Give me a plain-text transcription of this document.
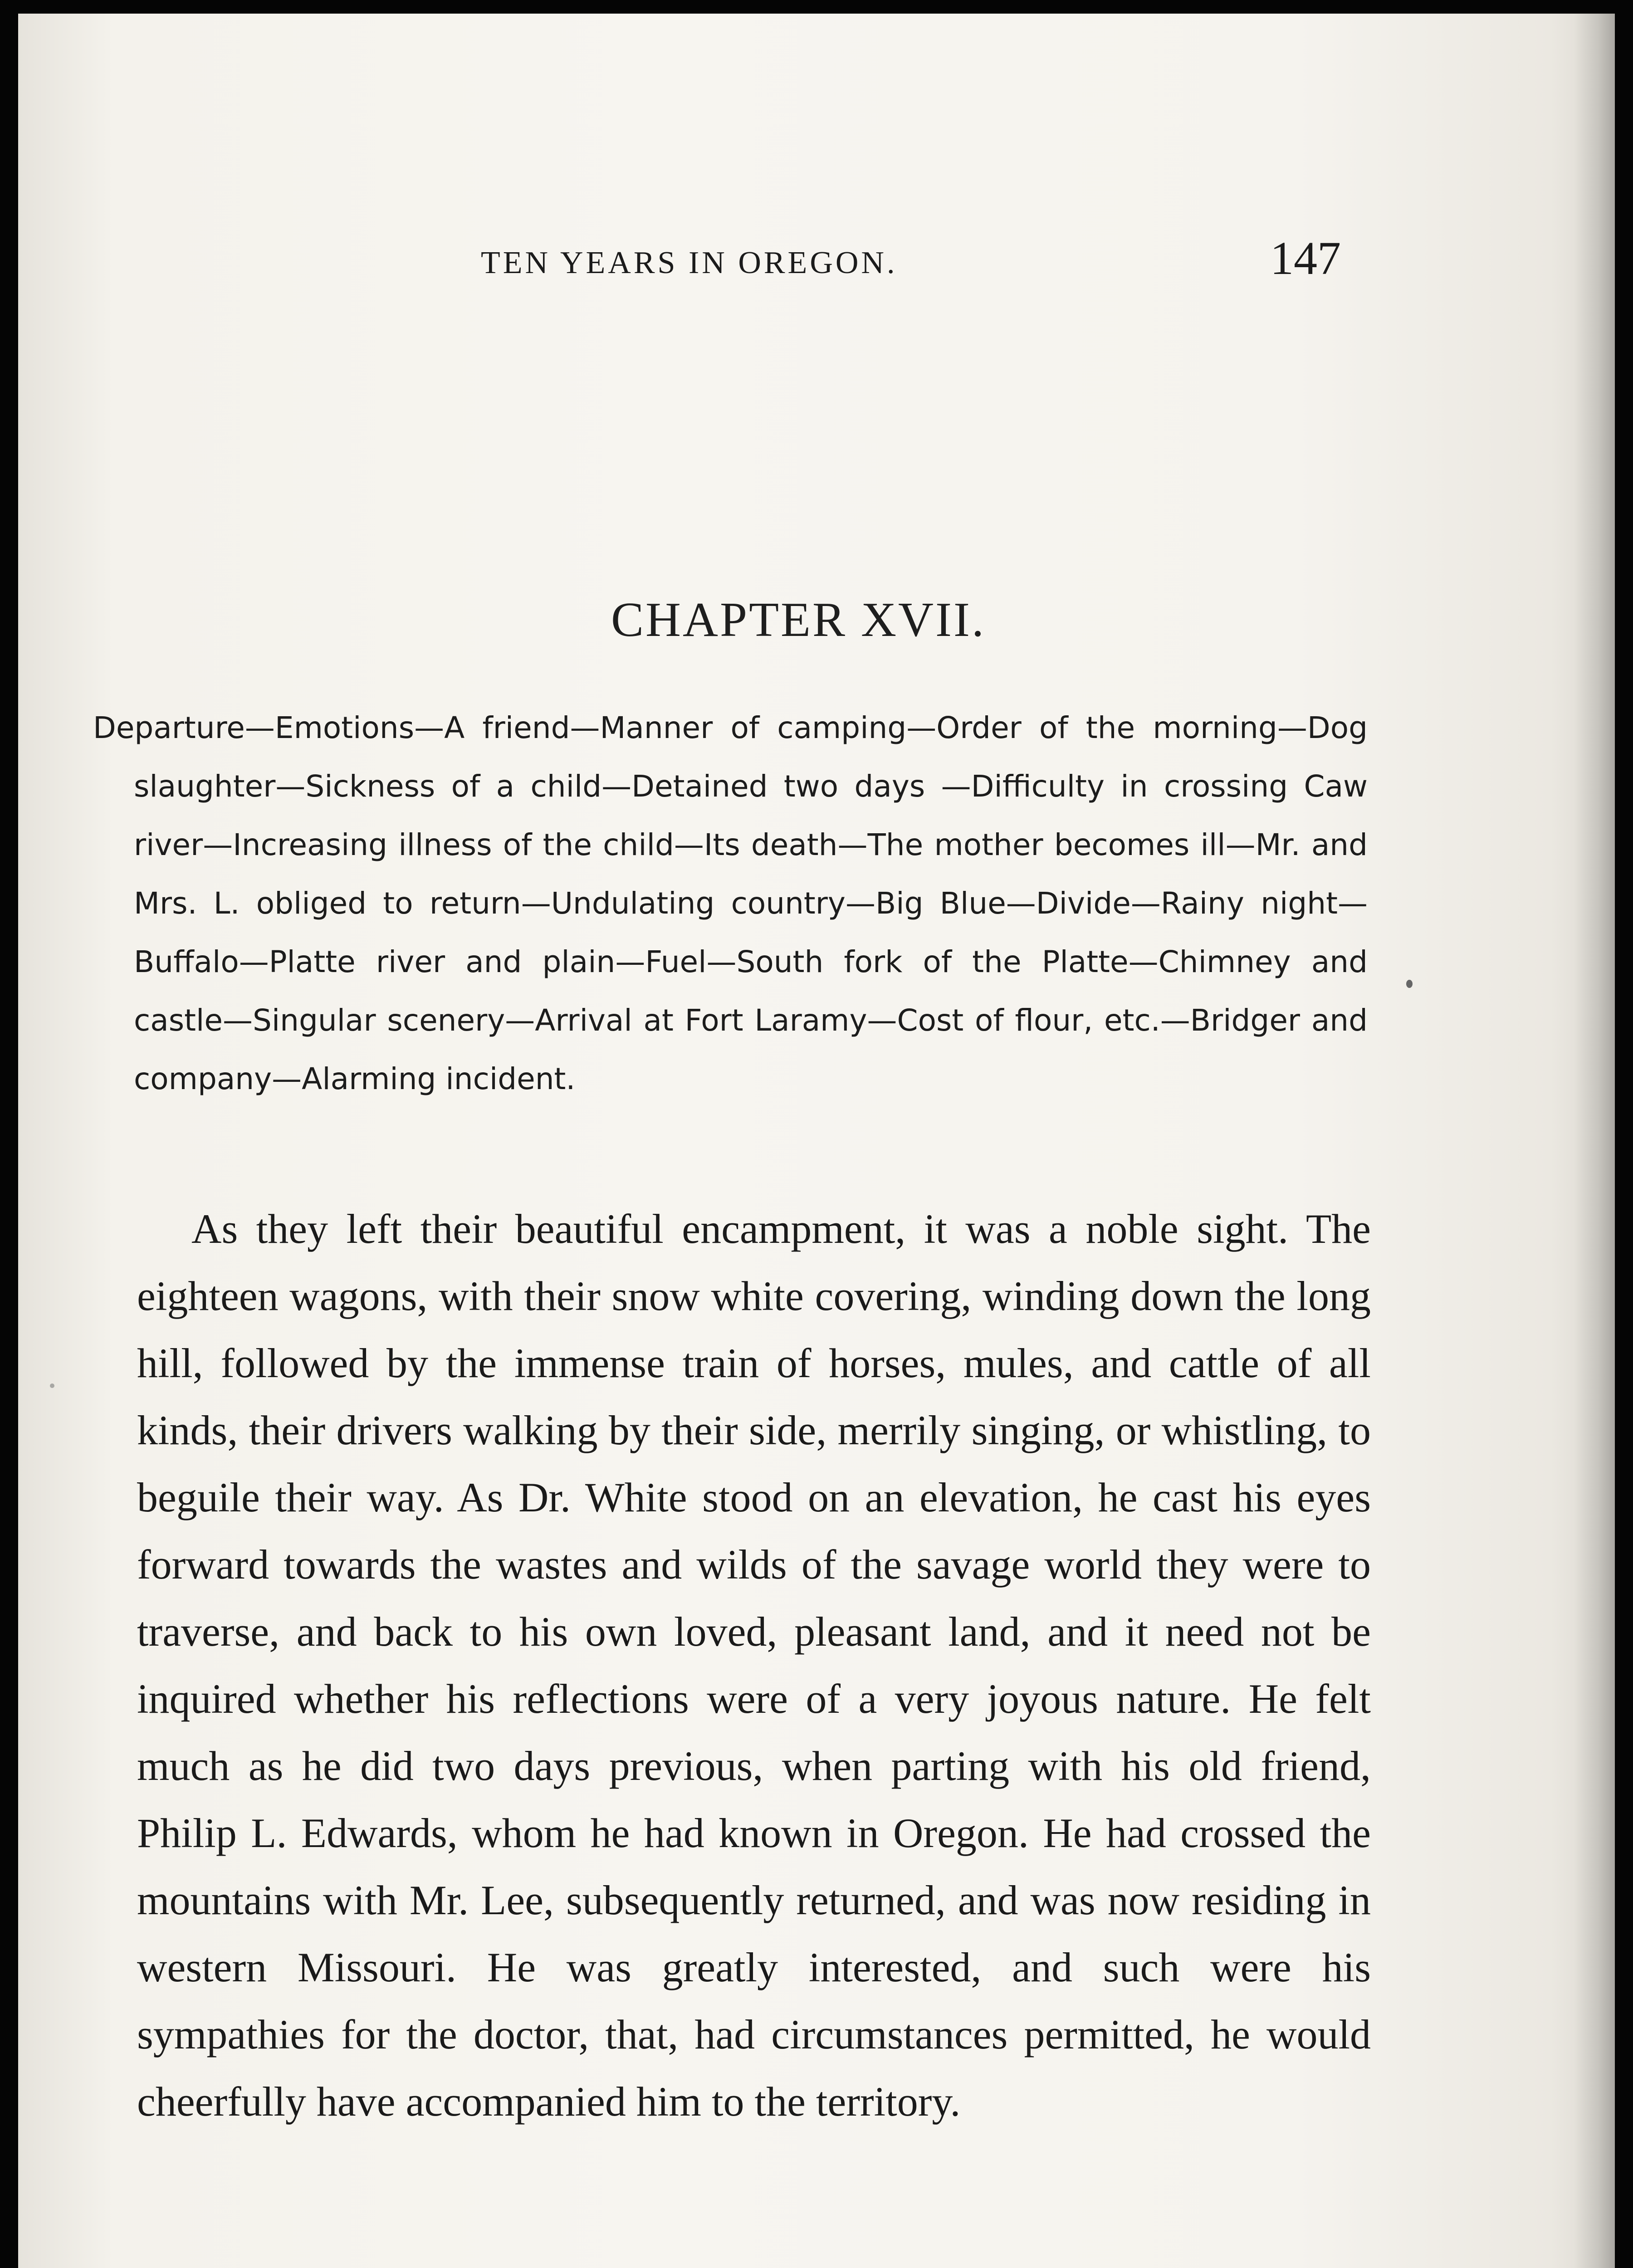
TEN YEARS IN OREGON.	147
CHAPTER XVII.
Departure—Emotions—A friend—Manner of camping—Order of the morning—Dog slaughter—Sickness of a child—Detained two days —Difficulty in crossing Caw river—Increasing illness of the child—Its death—The mother becomes ill—Mr. and Mrs. L. obliged to return—Undulating country—Big Blue—Divide—Rainy night—Buffalo—Platte river and plain—Fuel—South fork of the Platte—Chimney and castle—Singular scenery—Arrival at Fort Laramy—Cost of flour, etc.—Bridger and company—Alarming incident.

As they left their beautiful encampment, it was a noble sight. The eighteen wagons, with their snow white covering, winding down the long hill, followed by the immense train of horses, mules, and cattle of all kinds, their drivers walking by their side, merrily singing, or whistling, to beguile their way. As Dr. White stood on an elevation, he cast his eyes forward towards the wastes and wilds of the savage world they were to traverse, and back to his own loved, pleasant land, and it need not be inquired whether his reflections were of a very joyous nature. He felt much as he did two days previous, when parting with his old friend, Philip L. Edwards, whom he had known in Oregon. He had crossed the mountains with Mr. Lee, subsequently returned, and was now residing in western Missouri. He was greatly interested, and such were his sympathies for the doctor, that, had circumstances permitted, he would cheerfully have accompanied him to the territory.
